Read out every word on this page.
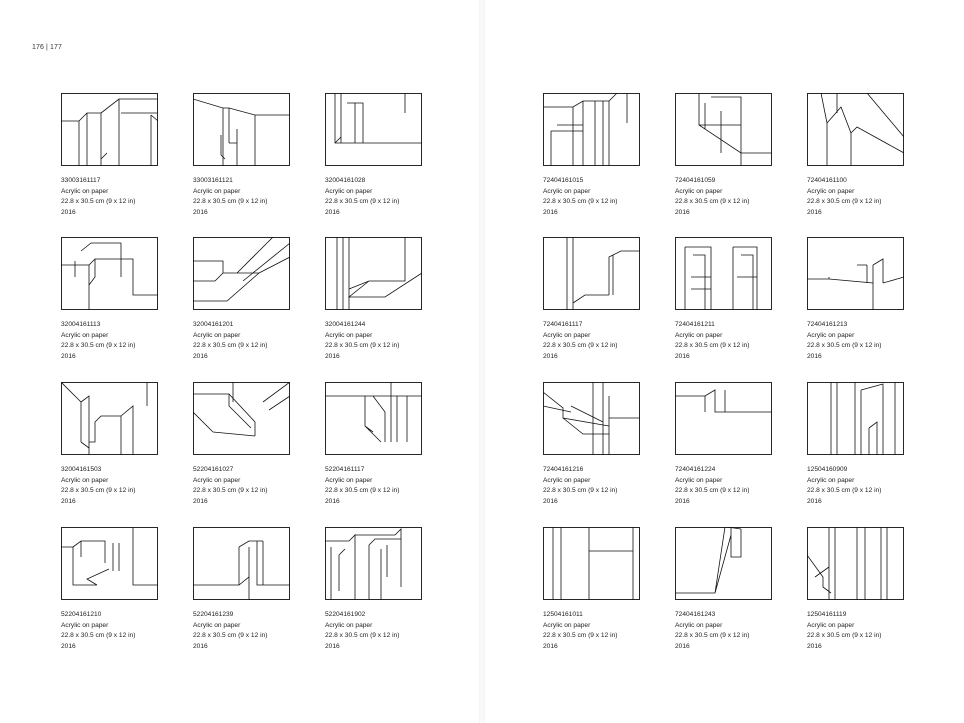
176 | 177
33003161117
Acrylic on paper
22.8 x 30.5 cm (9 x 12 in)
2016
33003161121
Acrylic on paper
22.8 x 30.5 cm (9 x 12 in)
2016
32004161028
Acrylic on paper
22.8 x 30.5 cm (9 x 12 in)
2016
32004161113
Acrylic on paper
22.8 x 30.5 cm (9 x 12 in)
2016
32004161201
Acrylic on paper
22.8 x 30.5 cm (9 x 12 in)
2016
32004161244
Acrylic on paper
22.8 x 30.5 cm (9 x 12 in)
2016
32004161503
Acrylic on paper
22.8 x 30.5 cm (9 x 12 in)
2016
52204161027
Acrylic on paper
22.8 x 30.5 cm (9 x 12 in)
2016
52204161117
Acrylic on paper
22.8 x 30.5 cm (9 x 12 in)
2016
52204161210
Acrylic on paper
22.8 x 30.5 cm (9 x 12 in)
2016
52204161239
Acrylic on paper
22.8 x 30.5 cm (9 x 12 in)
2016
52204161902
Acrylic on paper
22.8 x 30.5 cm (9 x 12 in)
2016
72404161015
Acrylic on paper
22.8 x 30.5 cm (9 x 12 in)
2016
72404161059
Acrylic on paper
22.8 x 30.5 cm (9 x 12 in)
2016
72404161100
Acrylic on paper
22.8 x 30.5 cm (9 x 12 in)
2016
72404161117
Acrylic on paper
22.8 x 30.5 cm (9 x 12 in)
2016
72404161211
Acrylic on paper
22.8 x 30.5 cm (9 x 12 in)
2016
72404161213
Acrylic on paper
22.8 x 30.5 cm (9 x 12 in)
2016
72404161216
Acrylic on paper
22.8 x 30.5 cm (9 x 12 in)
2016
72404161224
Acrylic on paper
22.8 x 30.5 cm (9 x 12 in)
2016
12504160909
Acrylic on paper
22.8 x 30.5 cm (9 x 12 in)
2016
12504161011
Acrylic on paper
22.8 x 30.5 cm (9 x 12 in)
2016
72404161243
Acrylic on paper
22.8 x 30.5 cm (9 x 12 in)
2016
12504161119
Acrylic on paper
22.8 x 30.5 cm (9 x 12 in)
2016
